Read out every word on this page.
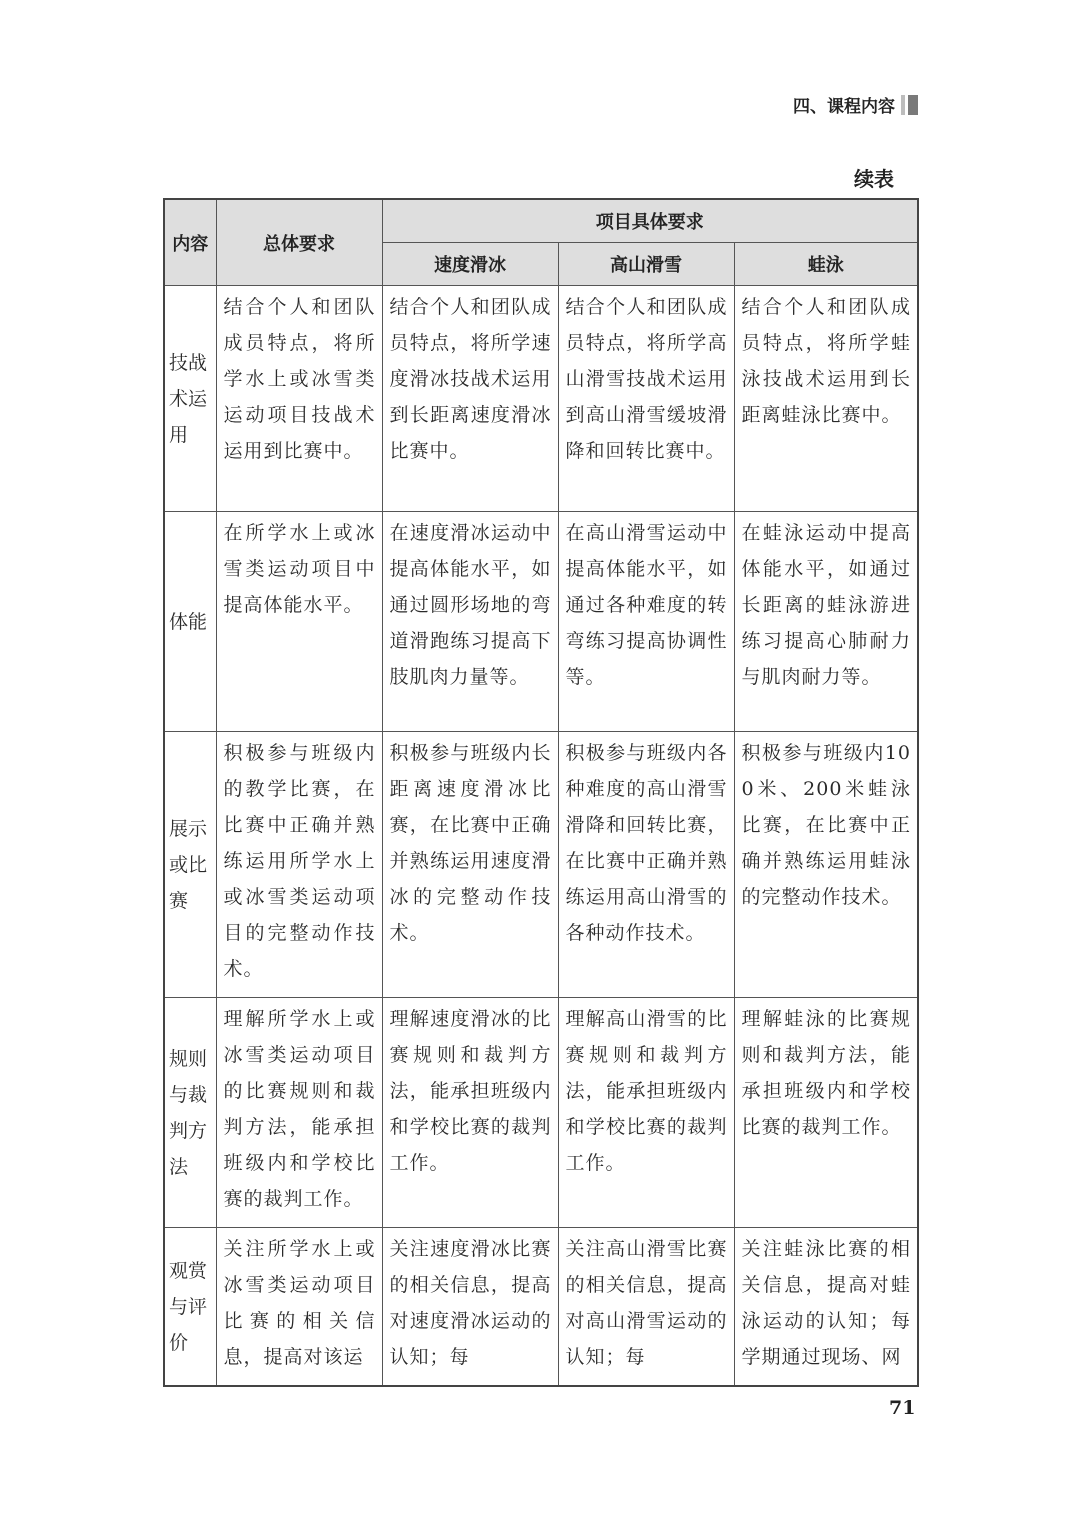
四、课程内容
续表
内容	总体要求	项目具体要求		
		速度滑冰	高山滑雪	蛙泳
技战术运用	结合个人和团队成员特点，将所学水上或冰雪类运动项目技战术运用到比赛中。	结合个人和团队成员特点，将所学速度滑冰技战术运用到长距离速度滑冰比赛中。	结合个人和团队成员特点，将所学高山滑雪技战术运用到高山滑雪缓坡滑降和回转比赛中。	结合个人和团队成员特点，将所学蛙泳技战术运用到长距离蛙泳比赛中。
体能	在所学水上或冰雪类运动项目中提高体能水平。	在速度滑冰运动中提高体能水平，如通过圆形场地的弯道滑跑练习提高下肢肌肉力量等。	在高山滑雪运动中提高体能水平，如通过各种难度的转弯练习提高协调性等。	在蛙泳运动中提高体能水平，如通过长距离的蛙泳游进练习提高心肺耐力与肌肉耐力等。
展示或比赛	积极参与班级内的教学比赛，在比赛中正确并熟练运用所学水上或冰雪类运动项目的完整动作技术。	积极参与班级内长距离速度滑冰比赛，在比赛中正确并熟练运用速度滑冰的完整动作技术。	积极参与班级内各种难度的高山滑雪滑降和回转比赛，在比赛中正确并熟练运用高山滑雪的各种动作技术。	积极参与班级内100米、200米蛙泳比赛，在比赛中正确并熟练运用蛙泳的完整动作技术。
规则与裁判方法	理解所学水上或冰雪类运动项目的比赛规则和裁判方法，能承担班级内和学校比赛的裁判工作。	理解速度滑冰的比赛规则和裁判方法，能承担班级内和学校比赛的裁判工作。	理解高山滑雪的比赛规则和裁判方法，能承担班级内和学校比赛的裁判工作。	理解蛙泳的比赛规则和裁判方法，能承担班级内和学校比赛的裁判工作。
观赏与评价	关注所学水上或冰雪类运动项目比赛的相关信息，提高对该运	关注速度滑冰比赛的相关信息，提高对速度滑冰运动的认知；每	关注高山滑雪比赛的相关信息，提高对高山滑雪运动的认知；每	关注蛙泳比赛的相关信息，提高对蛙泳运动的认知；每学期通过现场、网
71
